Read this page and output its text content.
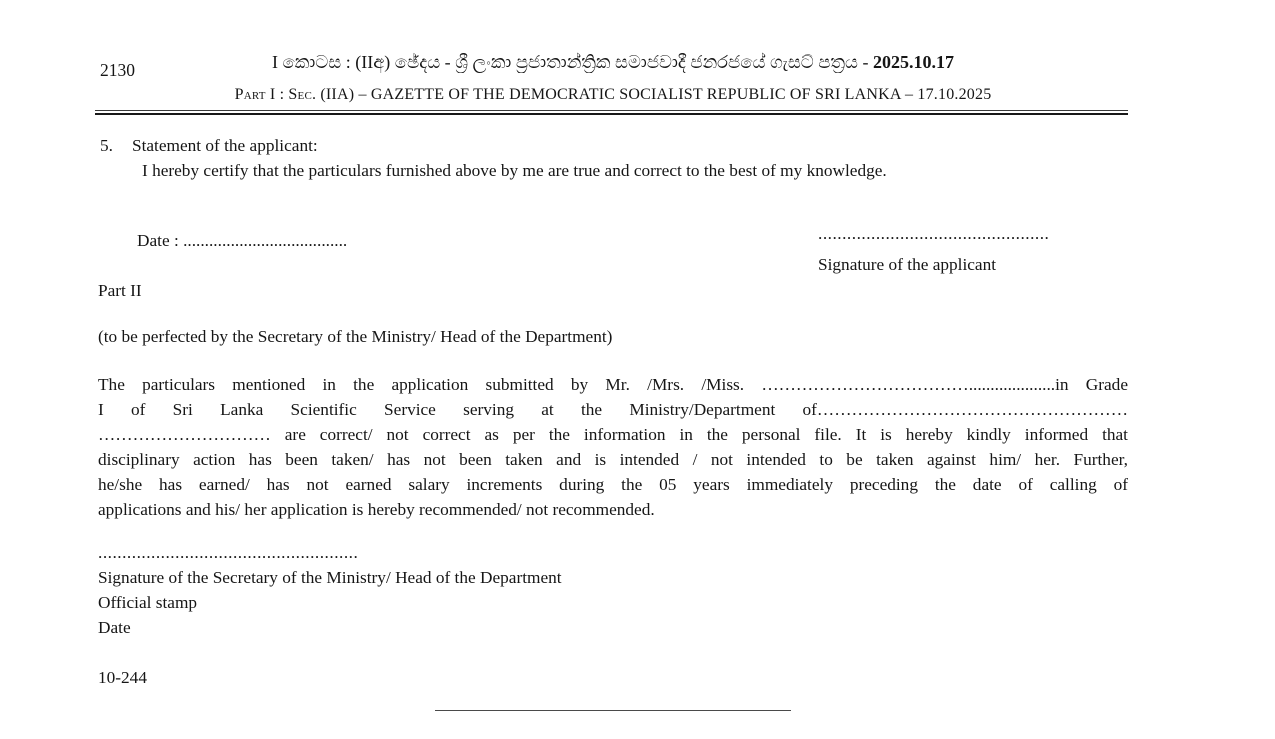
2130	I කොටස : (IIඅ) ඡේදය - ශ්‍රී ලංකා ප්‍රජාතාන්ත්‍රික සමාජවාදී ජනරජයේ ගැසට් පත්‍රය - 2025.10.17
Part I : Sec. (IIA) – GAZETTE OF THE DEMOCRATIC SOCIALIST REPUBLIC OF SRI LANKA – 17.10.2025
5. Statement of the applicant:
I hereby certify that the particulars furnished above by me are true and correct to the best of my knowledge.
Date : ......................................	................................................
Signature of the applicant
Part II
(to be perfected by the Secretary of the Ministry/ Head of the Department)
The particulars mentioned in the application submitted by Mr. /Mrs. /Miss. ………………………………....................in Grade
I of Sri Lanka Scientific Service serving at the Ministry/Department of………………………………………………
………………………… are correct/ not correct as per the information in the personal file. It is hereby kindly informed that
disciplinary action has been taken/ has not been taken and is intended / not intended to be taken against him/ her. Further,
he/she has earned/ has not earned salary increments during the 05 years immediately preceding the date of calling of
applications and his/ her application is hereby recommended/ not recommended.
......................................................
Signature of the Secretary of the Ministry/ Head of the Department
Official stamp
Date
10-244
